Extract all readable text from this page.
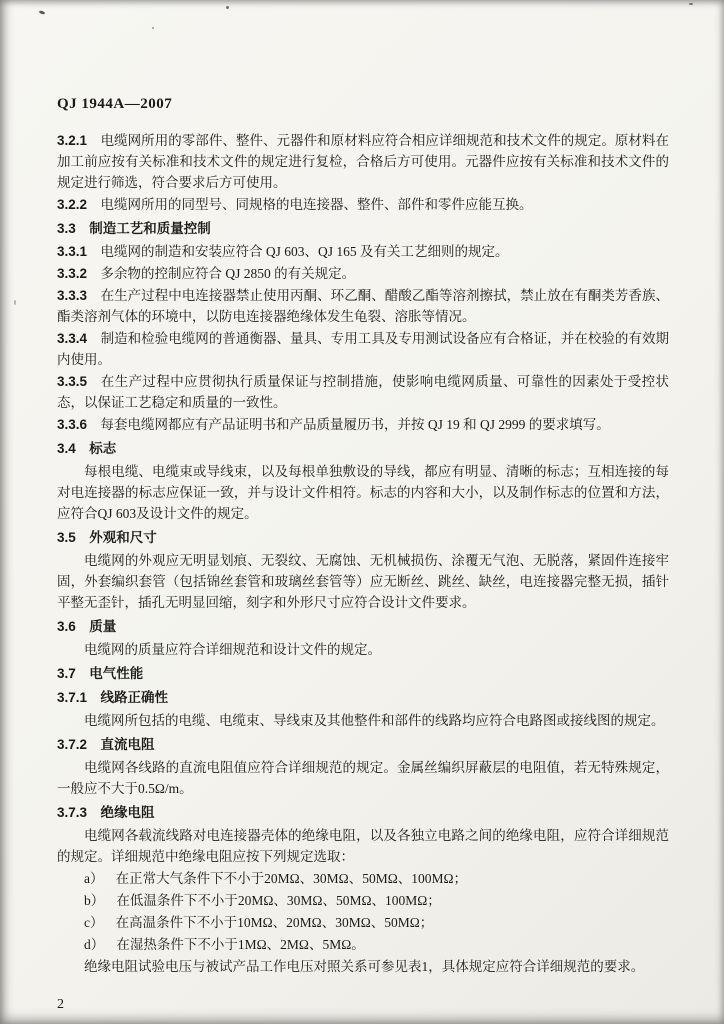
QJ 1944A—2007

3.2.1 电缆网所用的零部件、整件、元器件和原材料应符合相应详细规范和技术文件的规定。原材料在加工前应按有关标准和技术文件的规定进行复检，合格后方可使用。元器件应按有关标准和技术文件的规定进行筛选，符合要求后方可使用。

3.2.2 电缆网所用的同型号、同规格的电连接器、整件、部件和零件应能互换。

3.3 制造工艺和质量控制

3.3.1 电缆网的制造和安装应符合 QJ 603、QJ 165 及有关工艺细则的规定。

3.3.2 多余物的控制应符合 QJ 2850 的有关规定。

3.3.3 在生产过程中电连接器禁止使用丙酮、环乙酮、醋酸乙酯等溶剂擦拭，禁止放在有酮类芳香族、酯类溶剂气体的环境中，以防电连接器绝缘体发生龟裂、溶胀等情况。

3.3.4 制造和检验电缆网的普通衡器、量具、专用工具及专用测试设备应有合格证，并在校验的有效期内使用。

3.3.5 在生产过程中应贯彻执行质量保证与控制措施，使影响电缆网质量、可靠性的因素处于受控状态，以保证工艺稳定和质量的一致性。

3.3.6 每套电缆网都应有产品证明书和产品质量履历书，并按 QJ 19 和 QJ 2999 的要求填写。

3.4 标志

每根电缆、电缆束或导线束，以及每根单独敷设的导线，都应有明显、清晰的标志；互相连接的每对电连接器的标志应保证一致，并与设计文件相符。标志的内容和大小，以及制作标志的位置和方法，应符合QJ 603及设计文件的规定。

3.5 外观和尺寸

电缆网的外观应无明显划痕、无裂纹、无腐蚀、无机械损伤、涂覆无气泡、无脱落，紧固件连接牢固，外套编织套管（包括锦丝套管和玻璃丝套管等）应无断丝、跳丝、缺丝，电连接器完整无损，插针平整无歪针，插孔无明显回缩，刻字和外形尺寸应符合设计文件要求。

3.6 质量

电缆网的质量应符合详细规范和设计文件的规定。

3.7 电气性能

3.7.1 线路正确性

电缆网所包括的电缆、电缆束、导线束及其他整件和部件的线路均应符合电路图或接线图的规定。

3.7.2 直流电阻

电缆网各线路的直流电阻值应符合详细规范的规定。金属丝编织屏蔽层的电阻值，若无特殊规定，一般应不大于0.5Ω/m。

3.7.3 绝缘电阻

电缆网各载流线路对电连接器壳体的绝缘电阻，以及各独立电路之间的绝缘电阻，应符合详细规范的规定。详细规范中绝缘电阻应按下列规定选取：

a） 在正常大气条件下不小于20MΩ、30MΩ、50MΩ、100MΩ；

b） 在低温条件下不小于20MΩ、30MΩ、50MΩ、100MΩ；

c） 在高温条件下不小于10MΩ、20MΩ、30MΩ、50MΩ；

d） 在湿热条件下不小于1MΩ、2MΩ、5MΩ。

绝缘电阻试验电压与被试产品工作电压对照关系可参见表1，具体规定应符合详细规范的要求。

2
